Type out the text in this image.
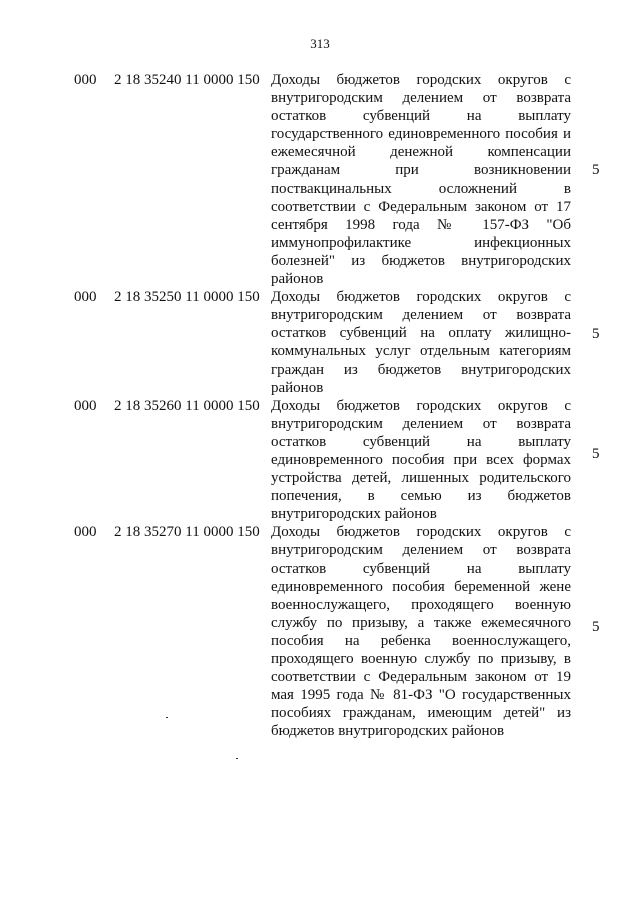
313
000 2 18 35240 11 0000 150 Доходы бюджетов городских округов с внутригородским делением от возврата остатков субвенций на выплату государственного единовременного пособия и ежемесячной денежной компенсации гражданам при возникновении поствакцинальных осложнений в соответствии с Федеральным законом от 17 сентября 1998 года № 157-ФЗ "Об иммунопрофилактике инфекционных болезней" из бюджетов внутригородских районов
5
000 2 18 35250 11 0000 150 Доходы бюджетов городских округов с внутригородским делением от возврата остатков субвенций на оплату жилищно-коммунальных услуг отдельным категориям граждан из бюджетов внутригородских районов
5
000 2 18 35260 11 0000 150 Доходы бюджетов городских округов с внутригородским делением от возврата остатков субвенций на выплату единовременного пособия при всех формах устройства детей, лишенных родительского попечения, в семью из бюджетов внутригородских районов
5
000 2 18 35270 11 0000 150 Доходы бюджетов городских округов с внутригородским делением от возврата остатков субвенций на выплату единовременного пособия беременной жене военнослужащего, проходящего военную службу по призыву, а также ежемесячного пособия на ребенка военнослужащего, проходящего военную службу по призыву, в соответствии с Федеральным законом от 19 мая 1995 года № 81-ФЗ "О государственных пособиях гражданам, имеющим детей" из бюджетов внутригородских районов
5
